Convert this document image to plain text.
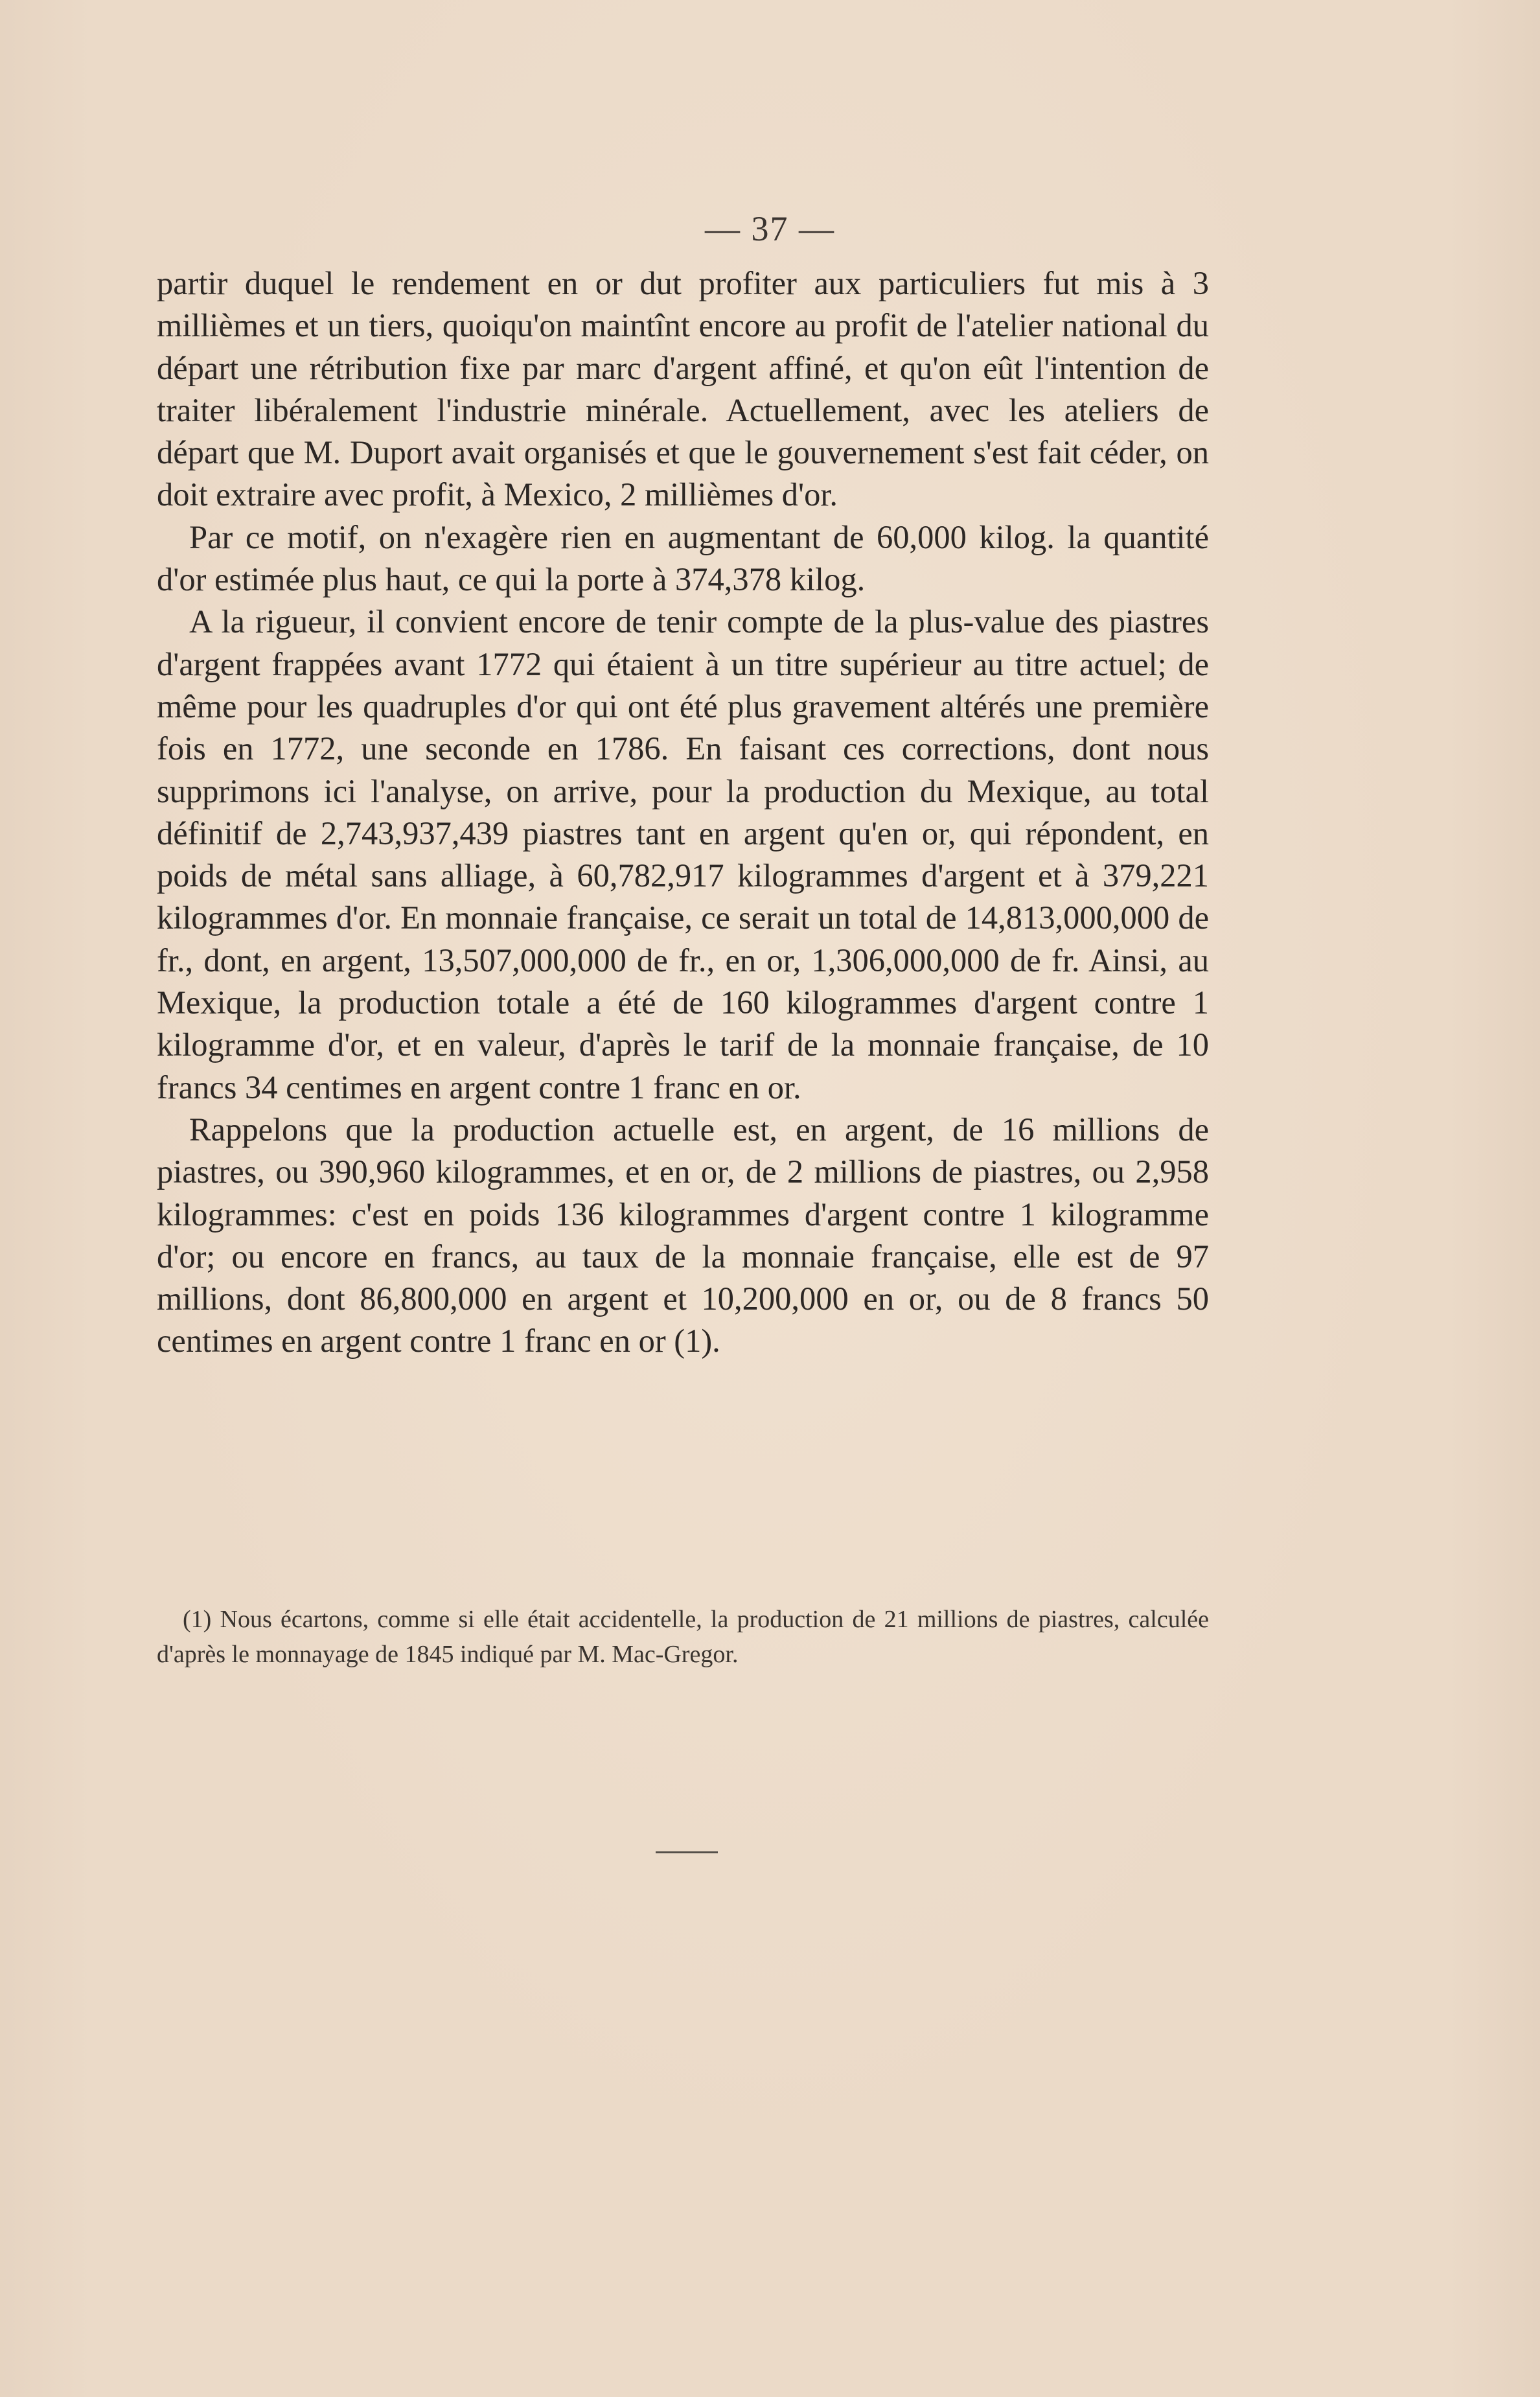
— 37 —

partir duquel le rendement en or dut profiter aux particuliers fut mis à 3 millièmes et un tiers, quoiqu'on maintînt encore au profit de l'atelier national du départ une rétribution fixe par marc d'argent affiné, et qu'on eût l'intention de traiter libéralement l'industrie minérale. Actuellement, avec les ateliers de départ que M. Duport avait organisés et que le gouvernement s'est fait céder, on doit extraire avec profit, à Mexico, 2 millièmes d'or.

Par ce motif, on n'exagère rien en augmentant de 60,000 kilog. la quantité d'or estimée plus haut, ce qui la porte à 374,378 kilog.

A la rigueur, il convient encore de tenir compte de la plus-value des piastres d'argent frappées avant 1772 qui étaient à un titre supérieur au titre actuel; de même pour les quadruples d'or qui ont été plus gravement altérés une première fois en 1772, une seconde en 1786. En faisant ces corrections, dont nous supprimons ici l'analyse, on arrive, pour la production du Mexique, au total définitif de 2,743,937,439 piastres tant en argent qu'en or, qui répondent, en poids de métal sans alliage, à 60,782,917 kilogrammes d'argent et à 379,221 kilogrammes d'or. En monnaie française, ce serait un total de 14,813,000,000 de fr., dont, en argent, 13,507,000,000 de fr., en or, 1,306,000,000 de fr. Ainsi, au Mexique, la production totale a été de 160 kilogrammes d'argent contre 1 kilogramme d'or, et en valeur, d'après le tarif de la monnaie française, de 10 francs 34 centimes en argent contre 1 franc en or.

Rappelons que la production actuelle est, en argent, de 16 millions de piastres, ou 390,960 kilogrammes, et en or, de 2 millions de piastres, ou 2,958 kilogrammes: c'est en poids 136 kilogrammes d'argent contre 1 kilogramme d'or; ou encore en francs, au taux de la monnaie française, elle est de 97 millions, dont 86,800,000 en argent et 10,200,000 en or, ou de 8 francs 50 centimes en argent contre 1 franc en or (1).

(1) Nous écartons, comme si elle était accidentelle, la production de 21 millions de piastres, calculée d'après le monnayage de 1845 indiqué par M. Mac-Gregor.
